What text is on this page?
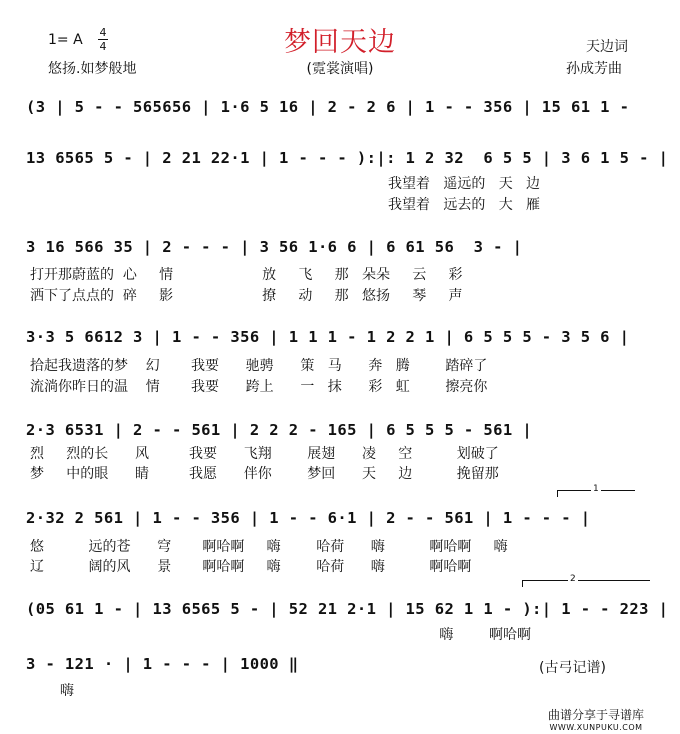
梦回天边
1= A 4
4
悠扬.如梦般地	(霓裳演唱)
天边词
孙成芳曲
(3 | 5 - - 565656 | 1·6 5 16 | 2 - 2 6 | 1 - - 356 | 15 61 1 -
13 6565 5 - | 2 21 22·1 | 1 - - - ):|: 1 2 32  6 5 5 | 3 6 1 5 - |
我望着   遥远的   天   边
我望着   远去的   大   雁
3 16 566 35 | 2 - - - | 3 56 1·6 6 | 6 61 56  3 - |
打开那蔚蓝的  心     情                    放     飞     那   朵朵     云     彩
洒下了点点的  碎     影                    撩     动     那   悠扬     琴     声
3·3 5 6612 3 | 1 - - 356 | 1 1 1 - 1 2 2 1 | 6 5 5 5 - 3 5 6 |
拾起我遗落的梦    幻       我要      驰骋      策   马      奔   腾        踏碎了
流淌你昨日的温    情       我要      跨上      一   抹      彩   虹        擦亮你
2·3 6531 | 2 - - 561 | 2 2 2 - 165 | 6 5 5 5 - 561 |
烈     烈的长      风         我要      飞翔        展翅      凌     空          划破了
梦     中的眼      睛         我愿      伴你        梦回      天     边          挽留那
1
2·32 2 561 | 1 - - 356 | 1 - - 6·1 | 2 - - 561 | 1 - - - |
悠          远的苍      穹       啊哈啊     嗨        哈荷      嗨          啊哈啊     嗨
辽          阔的风      景       啊哈啊     嗨        哈荷      嗨          啊哈啊
2
(05 61 1 - | 13 6565 5 - | 52 21 2·1 | 15 62 1 1 - ):| 1 - - 223 |
嗨        啊哈啊
3 - 121 · | 1 - - - | 1000 ‖
嗨
(古弓记谱)
曲谱分享于寻谱库
WWW.XUNPUKU.COM
